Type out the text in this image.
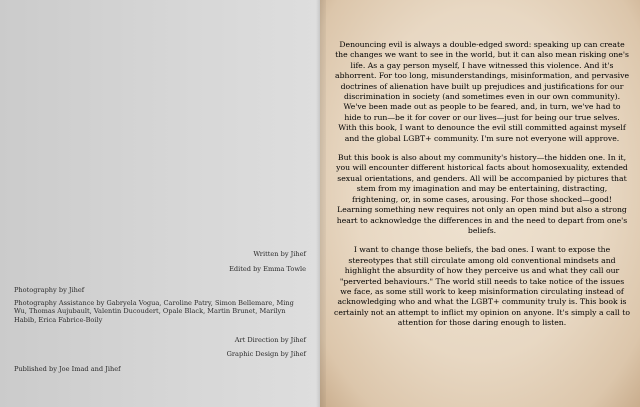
Written by Jihef
Edited by Emma Towle
Photography by Jihef
Photography Assistance by Gabryela Vogua, Caroline Patry, Simon Bellemare, Ming Wu, Thomas Aujubault, Valentin Ducoudert, Opale Black, Martin Brunet, Marilyn Habib, Erica Fabrice-Boily
Art Direction by Jihef
Graphic Design by Jihef
Published by Joe Imad and Jihef

Denouncing evil is always a double-edged sword: speaking up can create the changes we want to see in the world, but it can also mean risking one's life. As a gay person myself, I have witnessed this violence. And it's abhorrent. For too long, misunderstandings, misinformation, and pervasive doctrines of alienation have built up prejudices and justifications for our discrimination in society (and sometimes even in our own community). We've been made out as people to be feared, and, in turn, we've had to hide to run—be it for cover or our lives—just for being our true selves. With this book, I want to denounce the evil still committed against myself and the global LGBT+ community. I'm sure not everyone will approve.

But this book is also about my community's history—the hidden one. In it, you will encounter different historical facts about homosexuality, extended sexual orientations, and genders. All will be accompanied by pictures that stem from my imagination and may be entertaining, distracting, frightening, or, in some cases, arousing. For those shocked—good! Learning something new requires not only an open mind but also a strong heart to acknowledge the differences in and the need to depart from one's beliefs.

I want to change those beliefs, the bad ones. I want to expose the stereotypes that still circulate among old conventional mindsets and highlight the absurdity of how they perceive us and what they call our "perverted behaviours." The world still needs to take notice of the issues we face, as some still work to keep misinformation circulating instead of acknowledging who and what the LGBT+ community truly is. This book is certainly not an attempt to inflict my opinion on anyone. It's simply a call to attention for those daring enough to listen.
